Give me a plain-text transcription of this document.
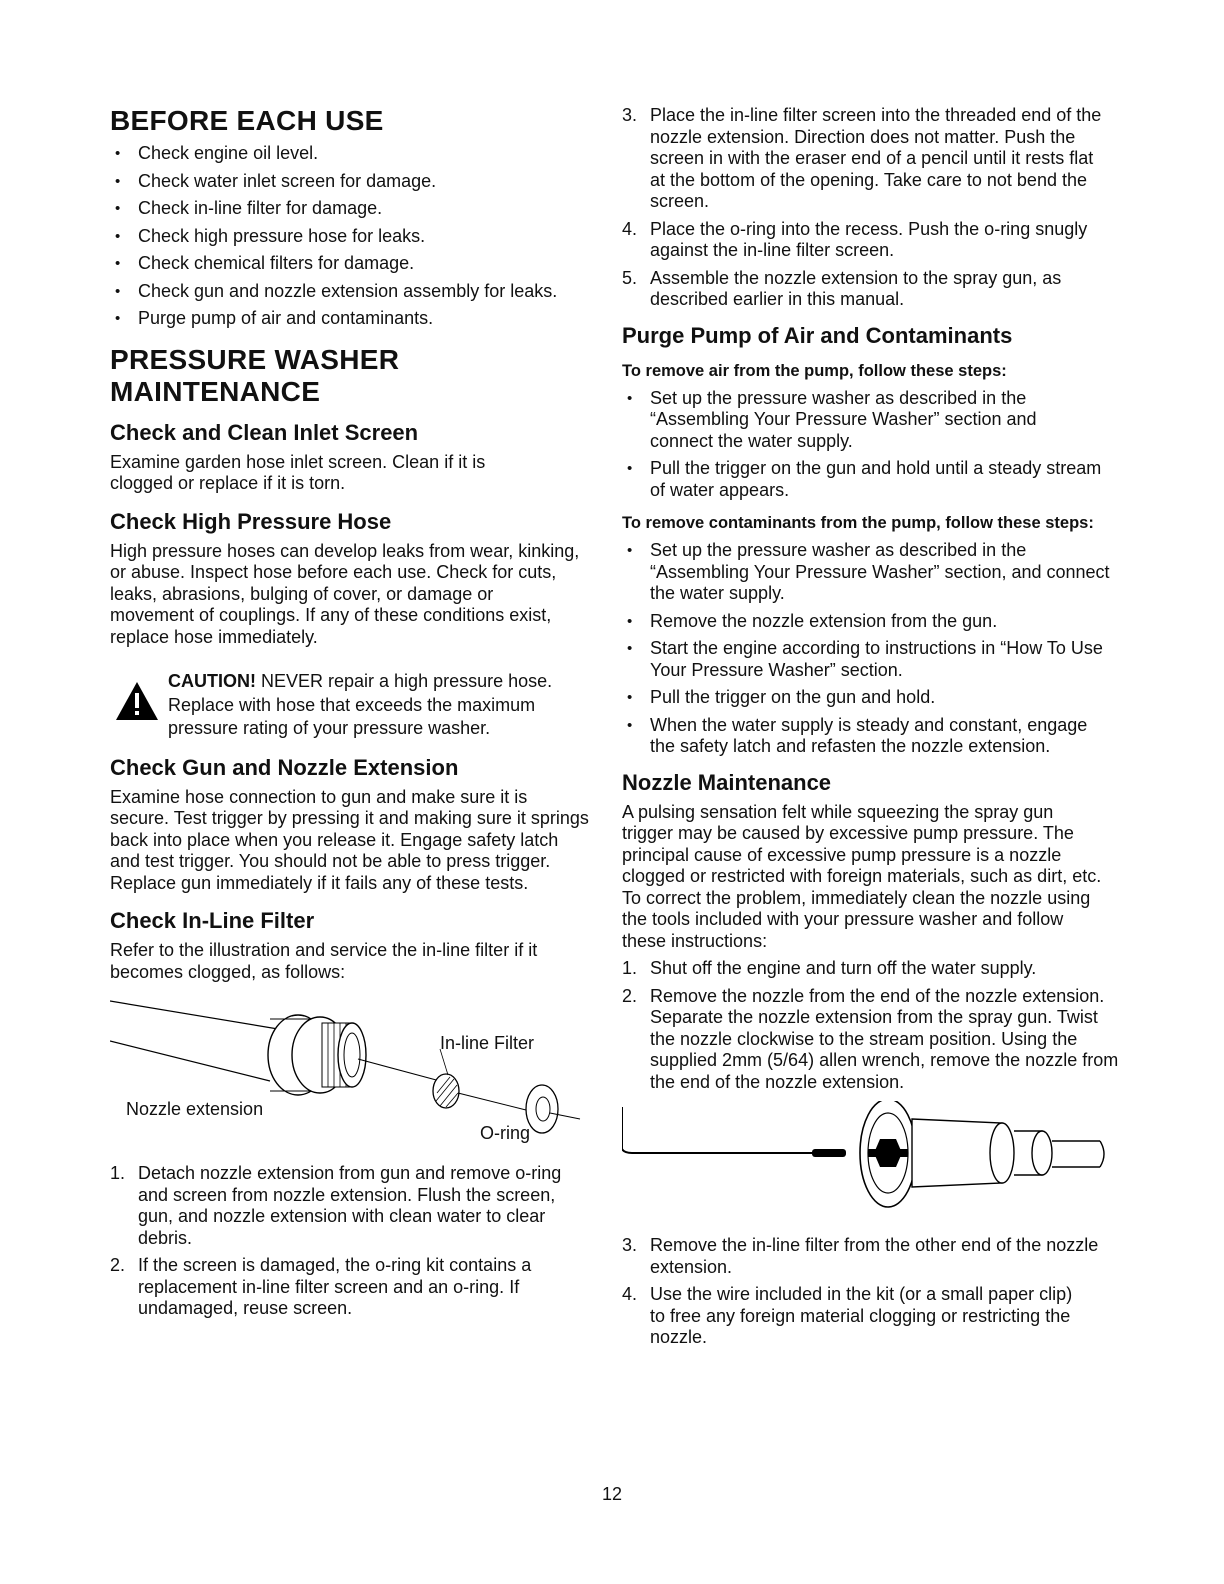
BEFORE EACH USE
• Check engine oil level.
• Check water inlet screen for damage.
• Check in-line filter for damage.
• Check high pressure hose for leaks.
• Check chemical filters for damage.
• Check gun and nozzle extension assembly for leaks.
• Purge pump of air and contaminants.
PRESSURE WASHER
MAINTENANCE
Check and Clean Inlet Screen

Examine garden hose inlet screen. Clean if it is clogged or replace if it is torn.

Check High Pressure Hose

High pressure hoses can develop leaks from wear, kinking, or abuse. Inspect hose before each use. Check for cuts, leaks, abrasions, bulging of cover, or damage or movement of couplings. If any of these conditions exist, replace hose immediately.

CAUTION! NEVER repair a high pressure hose. Replace with hose that exceeds the maximum pressure rating of your pressure washer.

Check Gun and Nozzle Extension

Examine hose connection to gun and make sure it is secure. Test trigger by pressing it and making sure it springs back into place when you release it. Engage safety latch and test trigger. You should not be able to press trigger. Replace gun immediately if it fails any of these tests.

Check In-Line Filter

Refer to the illustration and service the in-line filter if it becomes clogged, as follows:

In-line Filter
Nozzle extension
O-ring
1. Detach nozzle extension from gun and remove o-ring and screen from nozzle extension. Flush the screen, gun, and nozzle extension with clean water to clear debris.
2. If the screen is damaged, the o-ring kit contains a replacement in-line filter screen and an o-ring. If undamaged, reuse screen.
3. Place the in-line filter screen into the threaded end of the nozzle extension. Direction does not matter. Push the screen in with the eraser end of a pencil until it rests flat at the bottom of the opening. Take care to not bend the screen.
4. Place the o-ring into the recess. Push the o-ring snugly against the in-line filter screen.
5. Assemble the nozzle extension to the spray gun, as described earlier in this manual.
Purge Pump of Air and Contaminants
To remove air from the pump, follow these steps:
• Set up the pressure washer as described in the “Assembling Your Pressure Washer” section and connect the water supply.
• Pull the trigger on the gun and hold until a steady stream of water appears.
To remove contaminants from the pump, follow these steps:
• Set up the pressure washer as described in the “Assembling Your Pressure Washer” section, and connect the water supply.
• Remove the nozzle extension from the gun.
• Start the engine according to instructions in “How To Use Your Pressure Washer” section.
• Pull the trigger on the gun and hold.
• When the water supply is steady and constant, engage the safety latch and refasten the nozzle extension.
Nozzle Maintenance

A pulsing sensation felt while squeezing the spray gun trigger may be caused by excessive pump pressure. The principal cause of excessive pump pressure is a nozzle clogged or restricted with foreign materials, such as dirt, etc. To correct the problem, immediately clean the nozzle using the tools included with your pressure washer and follow these instructions:

1. Shut off the engine and turn off the water supply.
2. Remove the nozzle from the end of the nozzle extension. Separate the nozzle extension from the spray gun. Twist the nozzle clockwise to the stream position. Using the supplied 2mm (5/64) allen wrench, remove the nozzle from the end of the nozzle extension.
3. Remove the in-line filter from the other end of the nozzle extension.
4. Use the wire included in the kit (or a small paper clip) to free any foreign material clogging or restricting the nozzle.
12
